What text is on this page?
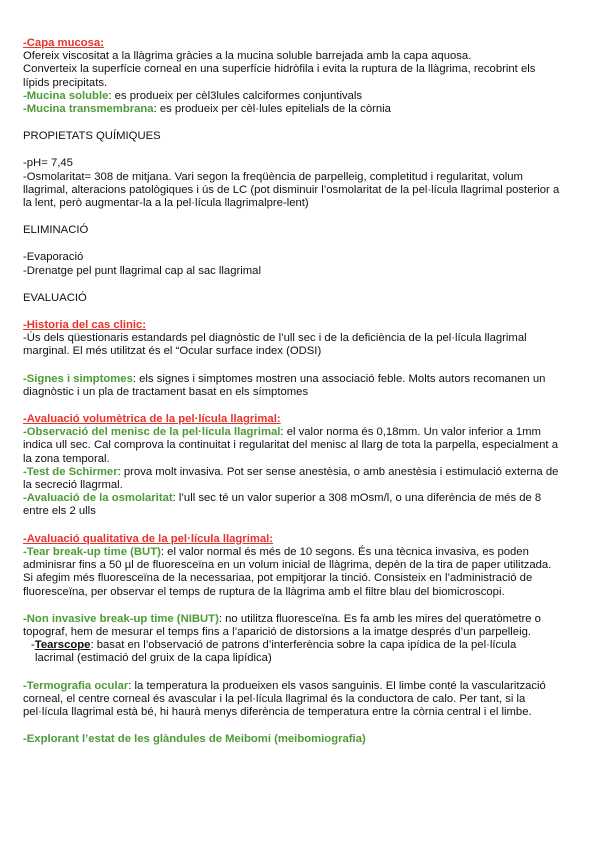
-Capa mucosa:

Ofereix viscositat a la llàgrima gràcies a la mucina soluble barrejada amb la capa aquosa.

Converteix la superfície corneal en una superfície hidròfila i evita la ruptura de la llàgrima, recobrint els

lípids precipitats.

-Mucina soluble: es produeix per cèl3lules calciformes conjuntivals

-Mucina transmembrana: es produeix per cèl·lules epitelials de la còrnia

PROPIETATS QUÍMIQUES

-pH= 7,45

-Osmolaritat= 308 de mitjana. Vari segon la freqüència de parpelleig, completitud i regularitat, volum

llagrimal, alteracions patològiques i ús de LC (pot disminuir l’osmolaritat de la pel·lícula llagrimal posterior a

la lent, però augmentar-la a la pel·lícula llagrimalpre-lent)

ELIMINACIÓ

-Evaporació

-Drenatge pel punt llagrimal cap al sac llagrimal

EVALUACIÓ

-Historia del cas clinic:

-Ús dels qüestionaris estandards pel diagnòstic de l’ull sec i de la deficiència de la pel·lícula llagrimal

marginal. El més utilitzat és el “Ocular surface index (ODSI)

-Signes i simptomes: els signes i simptomes mostren una associació feble. Molts autors recomanen un

diagnòstic i un pla de tractament basat en els símptomes

-Avaluació volumètrica de la pel·lícula llagrimal:

-Observació del menisc de la pel·lícula llagrimal: el valor norma és 0,18mm. Un valor inferior a 1mm

indica ull sec. Cal comprova la continuitat i regularitat del menisc al llarg de tota la parpella, especialment a

la zona temporal.

-Test de Schirmer: prova molt invasiva. Pot ser sense anestèsia, o amb anestèsia i estimulació externa de

la secreció llagrmal.

-Avaluació de la osmolaritat: l’ull sec té un valor superior a 308 mOsm/l, o una diferència de més de 8

entre els 2 ulls

-Avaluació qualitativa de la pel·lícula llagrimal:

-Tear break-up time (BUT): el valor normal és més de 10 segons. És una tècnica invasiva, es poden

adminisrar fins a 50 µl de fluoresceïna en un volum inicial de llàgrima, depèn de la tira de paper utilitzada.

Si afegim més fluoresceïna de la necessariaa, pot empitjorar la tinció. Consisteix en l’administració de

fluoresceïna, per observar el temps de ruptura de la llàgrima amb el filtre blau del biomicroscopi.

-Non invasive break-up time (NIBUT): no utilitza fluoresceïna. Es fa amb les mires del queratòmetre o

topograf, hem de mesurar el temps fins a l’aparició de distorsions a la imatge després d’un parpelleig.

-Tearscope: basat en l’observació de patrons d’interferència sobre la capa ipídica de la pel·lícula

lacrimal (estimació del gruix de la capa lipídica)

-Termografia ocular: la temperatura la produeixen els vasos sanguinis. El limbe conté la vascularització

corneal, el centre corneal és avascular i la pel·lícula llagrimal és la conductora de calo. Per tant, si la

pel·lícula llagrimal està bé, hi haurà menys diferència de temperatura entre la còrnia central i el limbe.

-Explorant l’estat de les glàndules de Meibomi (meibomiografia)
